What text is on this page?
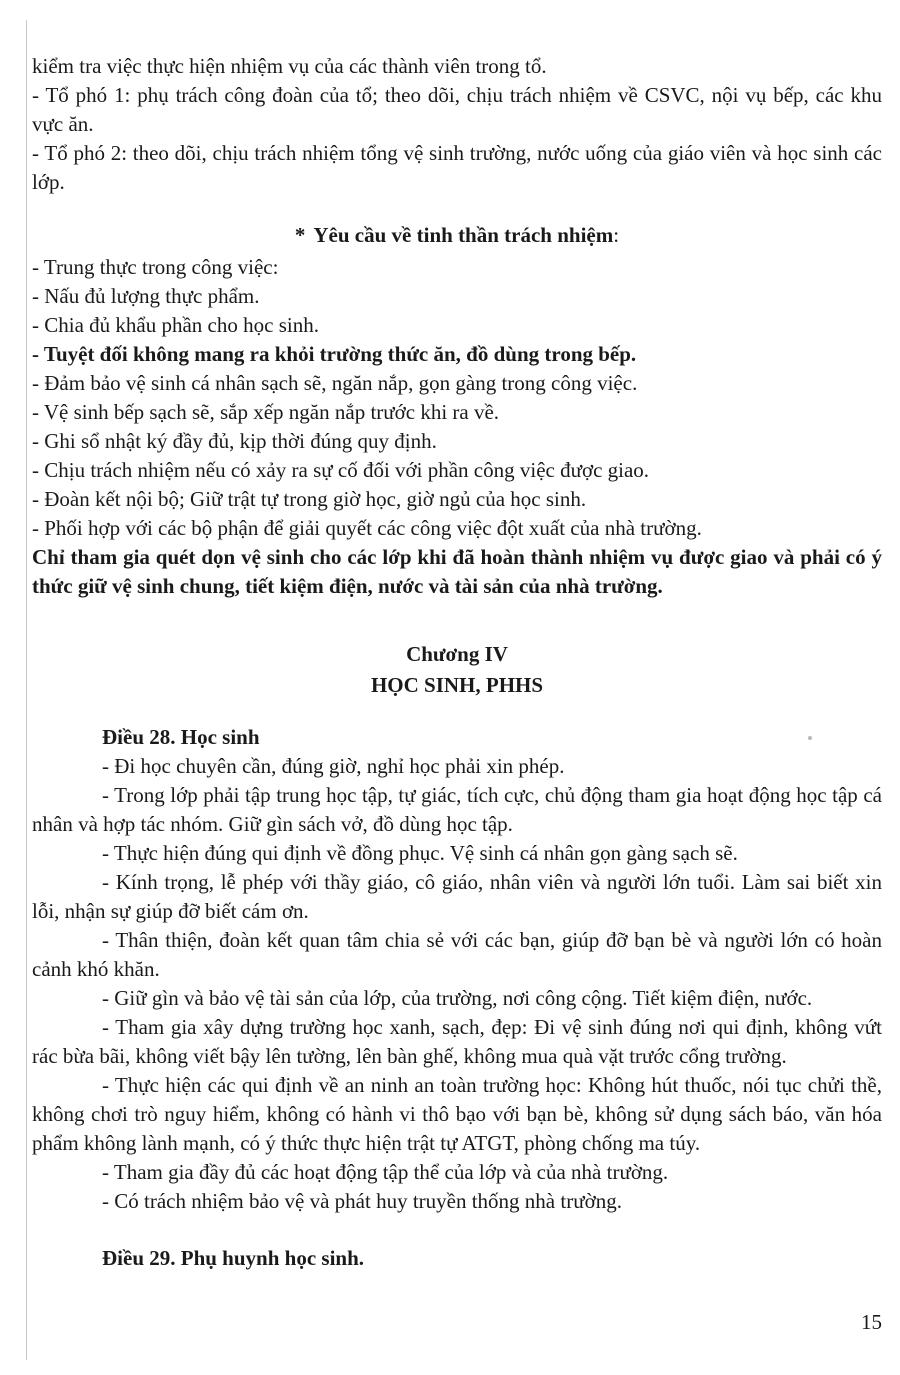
kiểm tra việc thực hiện nhiệm vụ của các thành viên trong tổ.

- Tổ phó 1: phụ trách công đoàn của tổ; theo dõi, chịu trách nhiệm về CSVC, nội vụ bếp, các khu vực ăn.

- Tổ phó 2: theo dõi, chịu trách nhiệm tổng vệ sinh trường, nước uống của giáo viên và học sinh các lớp.

* Yêu cầu về tinh thần trách nhiệm:

- Trung thực trong công việc:

- Nấu đủ lượng thực phẩm.

- Chia đủ khẩu phần cho học sinh.

- Tuyệt đối không mang ra khỏi trường thức ăn, đồ dùng trong bếp.

- Đảm bảo vệ sinh cá nhân sạch sẽ, ngăn nắp, gọn gàng trong công việc.

- Vệ sinh bếp sạch sẽ, sắp xếp ngăn nắp trước khi ra về.

- Ghi sổ nhật ký đầy đủ, kịp thời đúng quy định.

- Chịu trách nhiệm nếu có xảy ra sự cố đối với phần công việc được giao.

- Đoàn kết nội bộ; Giữ trật tự trong giờ học, giờ ngủ của học sinh.

- Phối hợp với các bộ phận để giải quyết các công việc đột xuất của nhà trường.

Chỉ tham gia quét dọn vệ sinh cho các lớp khi đã hoàn thành nhiệm vụ được giao và phải có ý thức giữ vệ sinh chung, tiết kiệm điện, nước và tài sản của nhà trường.

Chương IV

HỌC SINH, PHHS

Điều 28. Học sinh

- Đi học chuyên cần, đúng giờ, nghỉ học phải xin phép.

- Trong lớp phải tập trung học tập, tự giác, tích cực, chủ động tham gia hoạt động học tập cá nhân và hợp tác nhóm. Giữ gìn sách vở, đồ dùng học tập.

- Thực hiện đúng qui định về đồng phục. Vệ sinh cá nhân gọn gàng sạch sẽ.

- Kính trọng, lễ phép với thầy giáo, cô giáo, nhân viên và người lớn tuổi. Làm sai biết xin lỗi, nhận sự giúp đỡ biết cám ơn.

- Thân thiện, đoàn kết quan tâm chia sẻ với các bạn, giúp đỡ bạn bè và người lớn có hoàn cảnh khó khăn.

- Giữ gìn và bảo vệ tài sản của lớp, của trường, nơi công cộng. Tiết kiệm điện, nước.

- Tham gia xây dựng trường học xanh, sạch, đẹp: Đi vệ sinh đúng nơi qui định, không vứt rác bừa bãi, không viết bậy lên tường, lên bàn ghế, không mua quà vặt trước cổng trường.

- Thực hiện các qui định về an ninh an toàn trường học: Không hút thuốc, nói tục chửi thề, không chơi trò nguy hiểm, không có hành vi thô bạo với bạn bè, không sử dụng sách báo, văn hóa phẩm không lành mạnh, có ý thức thực hiện trật tự ATGT, phòng chống ma túy.

- Tham gia đầy đủ các hoạt động tập thể của lớp và của nhà trường.

- Có trách nhiệm bảo vệ và phát huy truyền thống nhà trường.

Điều 29. Phụ huynh học sinh.

15
